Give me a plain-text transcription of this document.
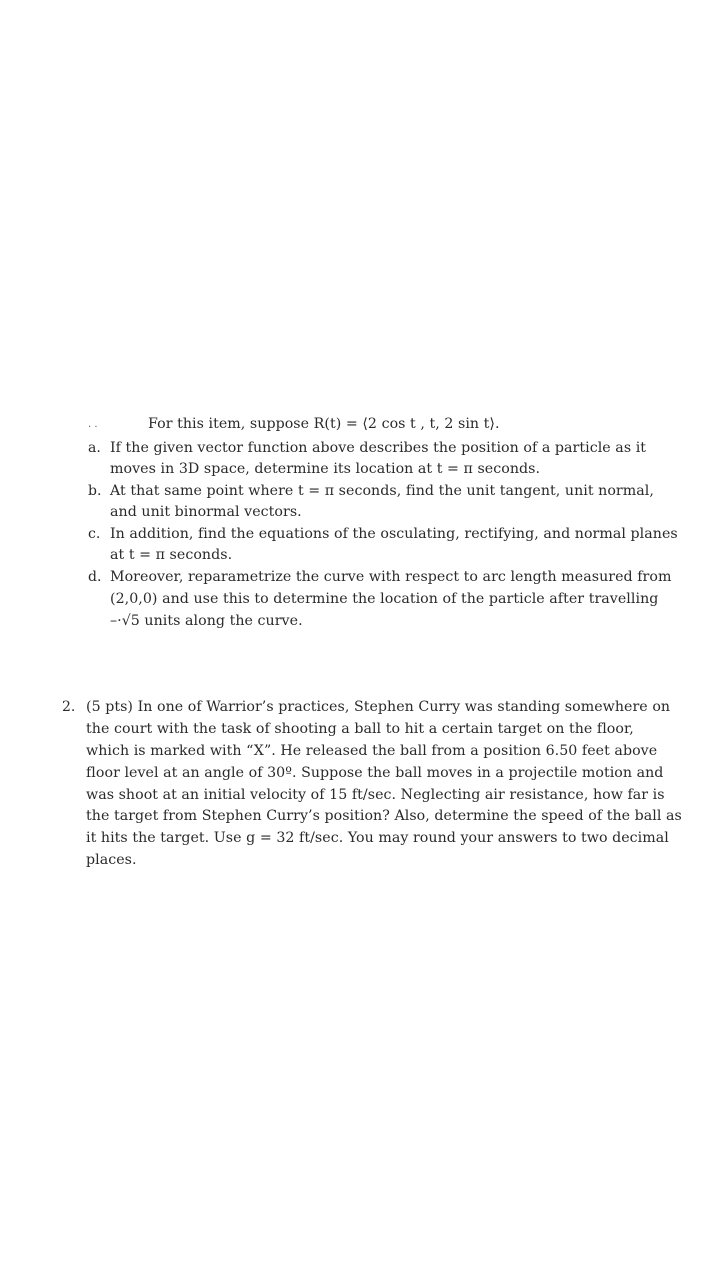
. .	For this item, suppose R(t) = ⟨2 cos t , t, 2 sin t⟩.
a. If the given vector function above describes the position of a particle as it
moves in 3D space, determine its location at t = π seconds.
b. At that same point where t = π seconds, find the unit tangent, unit normal,
and unit binormal vectors.
c. In addition, find the equations of the osculating, rectifying, and normal planes
at t = π seconds.
d. Moreover, reparametrize the curve with respect to arc length measured from
(2,0,0) and use this to determine the location of the particle after travelling
–·√5 units along the curve.
2. (5 pts) In one of Warrior’s practices, Stephen Curry was standing somewhere on
the court with the task of shooting a ball to hit a certain target on the floor,
which is marked with “X”. He released the ball from a position 6.50 feet above
floor level at an angle of 30º. Suppose the ball moves in a projectile motion and
was shoot at an initial velocity of 15 ft/sec. Neglecting air resistance, how far is
the target from Stephen Curry’s position? Also, determine the speed of the ball as
it hits the target. Use g = 32 ft/sec. You may round your answers to two decimal
places.
